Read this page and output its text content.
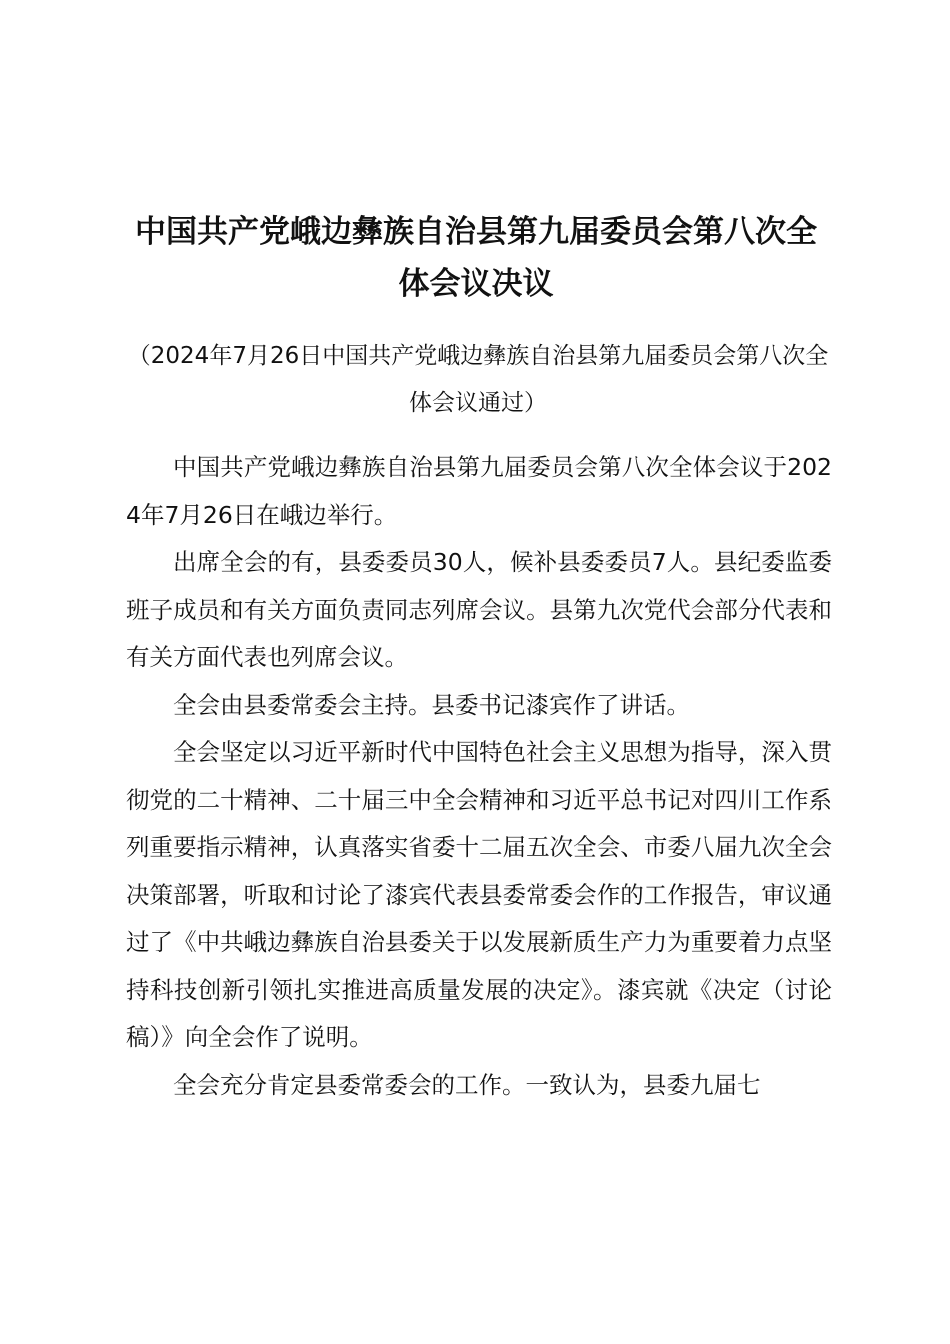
中国共产党峨边彝族自治县第九届委员会第八次全体会议决议
（2024年7月26日中国共产党峨边彝族自治县第九届委员会第八次全体会议通过）

中国共产党峨边彝族自治县第九届委员会第八次全体会议于2024年7月26日在峨边举行。

出席全会的有，县委委员30人，候补县委委员7人。县纪委监委班子成员和有关方面负责同志列席会议。县第九次党代会部分代表和有关方面代表也列席会议。

全会由县委常委会主持。县委书记漆宾作了讲话。

全会坚定以习近平新时代中国特色社会主义思想为指导，深入贯彻党的二十精神、二十届三中全会精神和习近平总书记对四川工作系列重要指示精神，认真落实省委十二届五次全会、市委八届九次全会决策部署，听取和讨论了漆宾代表县委常委会作的工作报告，审议通过了《中共峨边彝族自治县委关于以发展新质生产力为重要着力点坚持科技创新引领扎实推进高质量发展的决定》。漆宾就《决定（讨论稿）》向全会作了说明。

全会充分肯定县委常委会的工作。一致认为，县委九届七
